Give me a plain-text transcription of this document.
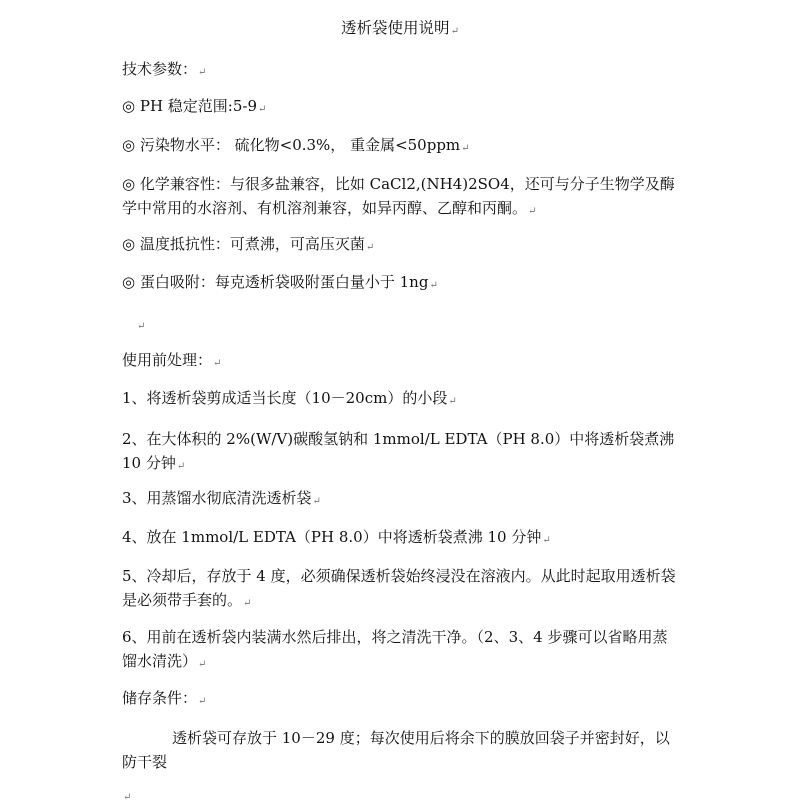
透析袋使用说明↵
技术参数：↵
◎ PH 稳定范围:5-9↵
◎ 污染物水平： 硫化物<0.3%， 重金属<50ppm↵
◎ 化学兼容性：与很多盐兼容，比如 CaCl2,(NH4)2SO4，还可与分子生物学及酶学中常用的水溶剂、有机溶剂兼容，如异丙醇、乙醇和丙酮。↵
◎ 温度抵抗性：可煮沸，可高压灭菌↵
◎ 蛋白吸附：每克透析袋吸附蛋白量小于 1ng↵
↵
使用前处理：↵
1、将透析袋剪成适当长度（10－20cm）的小段↵
2、在大体积的 2%(W/V)碳酸氢钠和 1mmol/L EDTA（PH 8.0）中将透析袋煮沸 10 分钟↵
3、用蒸馏水彻底清洗透析袋↵
4、放在 1mmol/L EDTA（PH 8.0）中将透析袋煮沸 10 分钟↵
5、冷却后，存放于 4 度，必须确保透析袋始终浸没在溶液内。从此时起取用透析袋是必须带手套的。↵
6、用前在透析袋内装满水然后排出，将之清洗干净。（2、3、4 步骤可以省略用蒸馏水清洗）↵
储存条件：↵
透析袋可存放于 10－29 度；每次使用后将余下的膜放回袋子并密封好，以防干裂
↵
